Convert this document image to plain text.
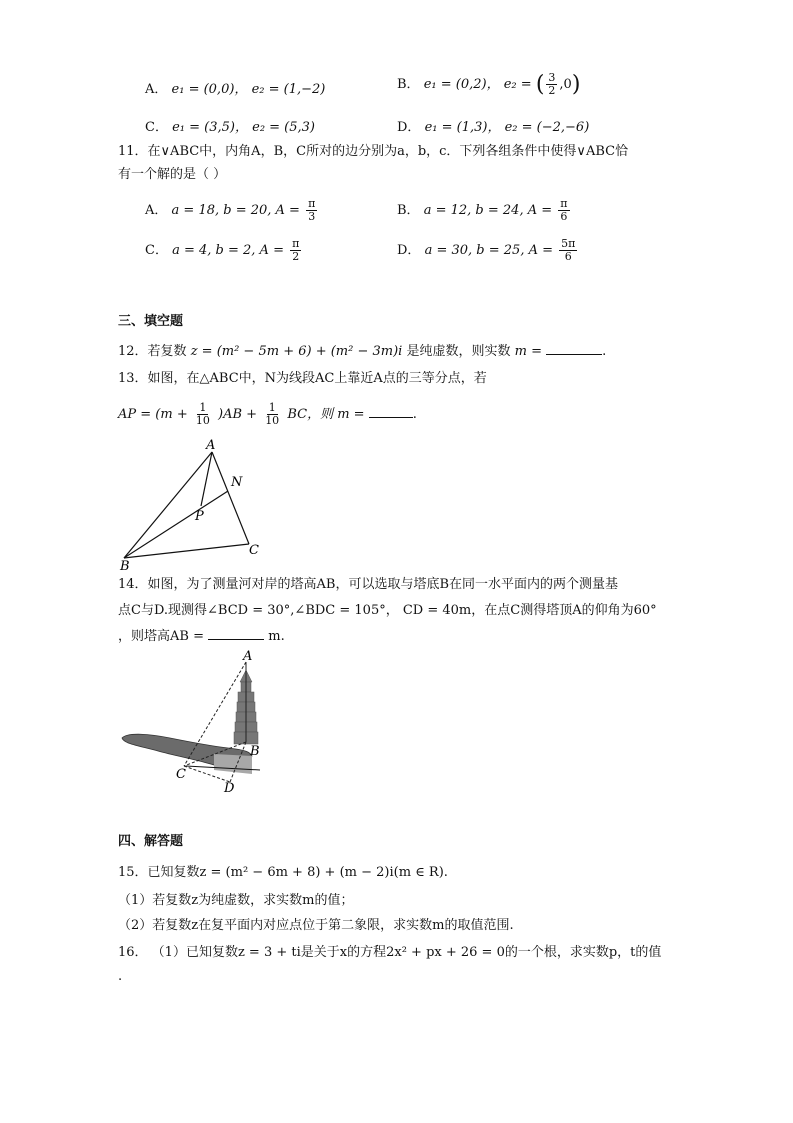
A． e₁ = (0,0)， e₂ = (1,−2)	B． e₁ = (0,2)， e₂ = ( $\frac{3}{2} ,0$)
C． e₁ = (3,5)， e₂ = (5,3)	D． e₁ = (1,3)， e₂ = (−2,−6)
11．在∨ABC中，内角A，B，C所对的边分别为a，b，c．下列各组条件中使得∨ABC恰
有一个解的是（ ）
A． a = 18, b = 20, $A = \frac{\pi}{3}$	B． a = 12, b = 24, $A = \frac{\pi}{6}$
C． a = 4, b = 2, $A = \frac{\pi}{2}$	D． a = 30, b = 25, $A = \frac{5\pi}{6}$
三、填空题
12．若复数 z = (m² − 5m + 6) + (m² − 3m)i 是纯虚数，则实数 m =	.
13．如图，在△ABC中，N为线段AC上靠近A点的三等分点，若
AP = $(m + \frac{1}{10} )AB + \frac{1}{10}$ BC，则 m =	.
A
N
P
B
C
14．如图，为了测量河对岸的塔高AB，可以选取与塔底B在同一水平面内的两个测量基
点C与D.现测得∠BCD = 30°,∠BDC = 105°， CD = 40m，在点C测得塔顶A的仰角为60°
，则塔高AB =	m.
A
B
C
D
四、解答题
15．已知复数z = (m² − 6m + 8) + (m − 2)i(m ∈ R).
（1）若复数z为纯虚数，求实数m的值；
（2）若复数z在复平面内对应点位于第二象限，求实数m的取值范围.
16． （1）已知复数z = 3 + ti是关于x的方程2x² + px + 26 = 0的一个根，求实数p，t的值
.
